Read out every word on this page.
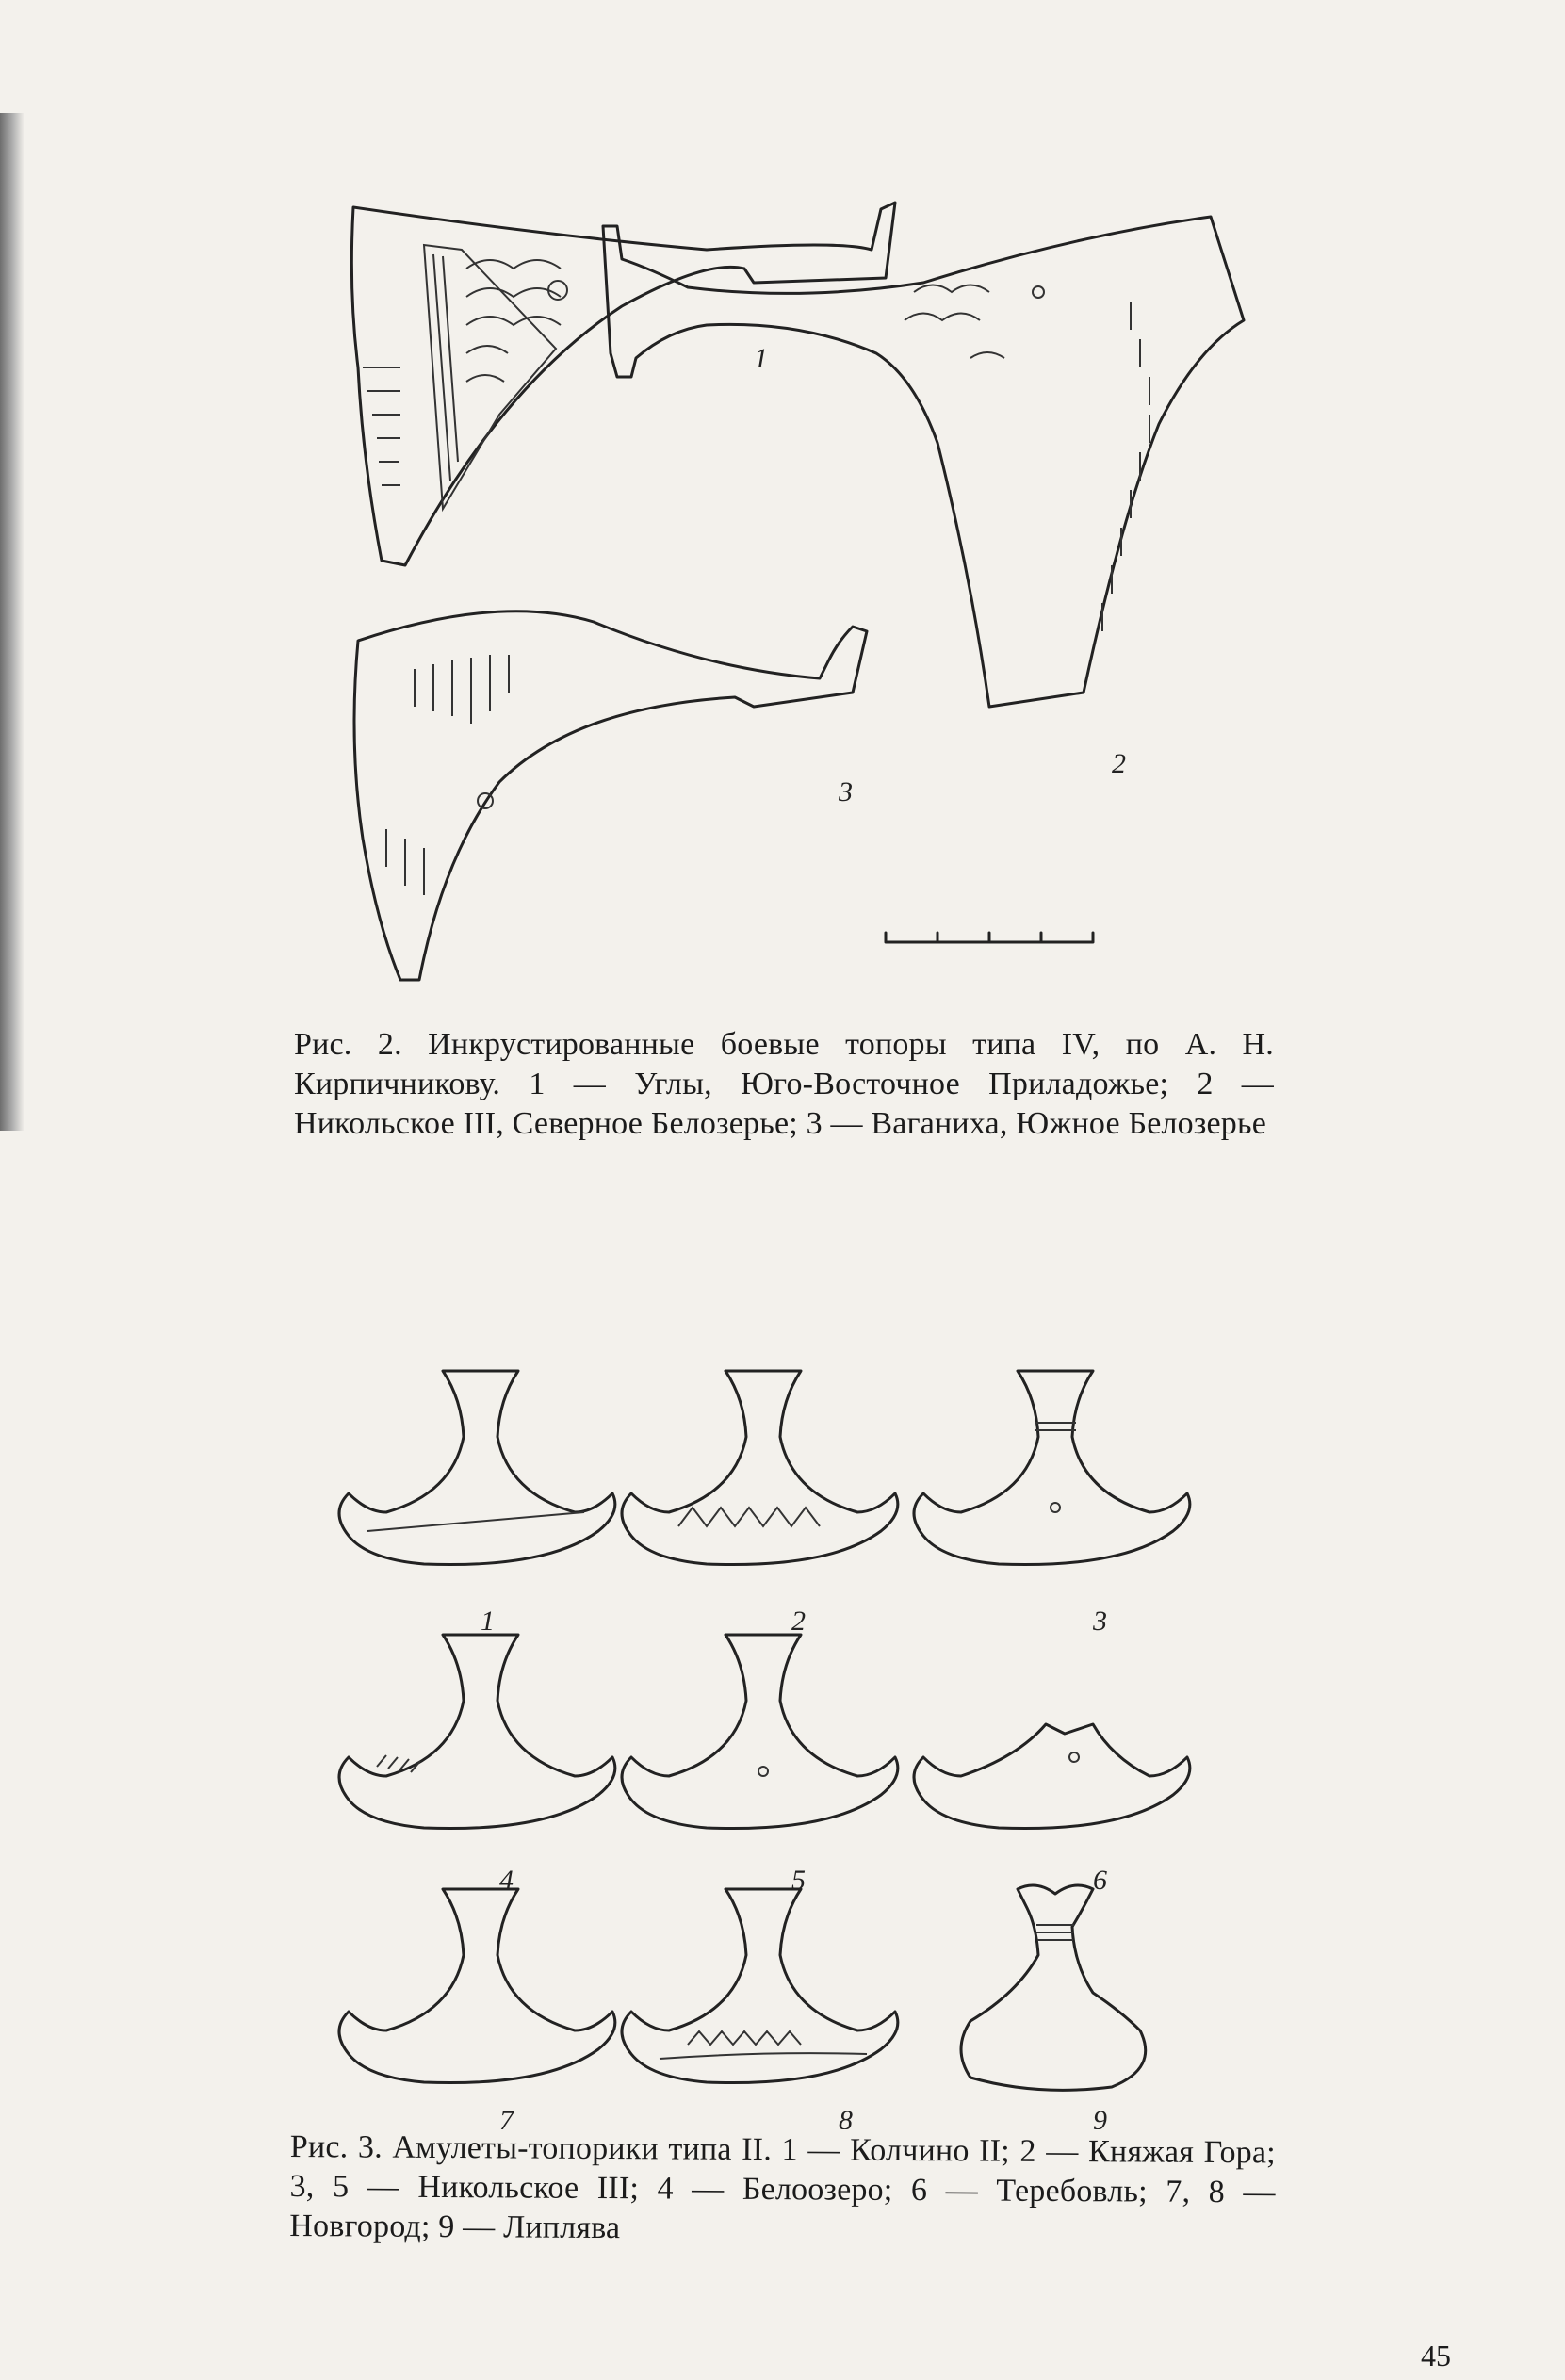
1
2
3
Рис. 2. Инкрустированные боевые топоры типа IV, по А. Н. Кирпичникову. 1 — Углы, Юго-Восточное Приладожье; 2 — Никольское III, Северное Белозерье; 3 — Ваганиха, Южное Белозерье
1	2	3
4	5	6
7	8	9
Рис. 3. Амулеты-топорики типа II. 1 — Колчино II; 2 — Княжая Гора; 3, 5 — Никольское III; 4 — Белоозеро; 6 — Теребовль; 7, 8 — Новгород; 9 — Липлява
45
